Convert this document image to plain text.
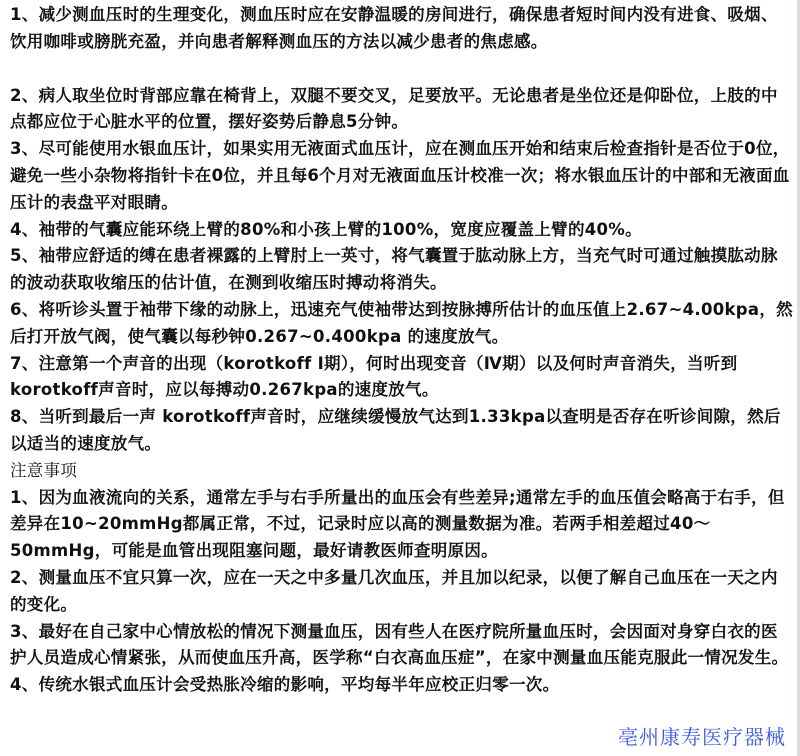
1、减少测血压时的生理变化，测血压时应在安静温暖的房间进行，确保患者短时间内没有进食、吸烟、饮用咖啡或膀胱充盈，并向患者解释测血压的方法以减少患者的焦虑感。

2、病人取坐位时背部应靠在椅背上，双腿不要交叉，足要放平。无论患者是坐位还是仰卧位，上肢的中点都应位于心脏水平的位置，摆好姿势后静息5分钟。

3、尽可能使用水银血压计，如果实用无液面式血压计，应在测血压开始和结束后检查指针是否位于0位，避免一些小杂物将指针卡在0位，并且每6个月对无液面血压计校准一次；将水银血压计的中部和无液面血压计的表盘平对眼睛。

4、袖带的气囊应能环绕上臂的80%和小孩上臂的100%，宽度应覆盖上臂的40%。

5、袖带应舒适的缚在患者裸露的上臂肘上一英寸，将气囊置于肱动脉上方，当充气时可通过触摸肱动脉的波动获取收缩压的估计值，在测到收缩压时搏动将消失。

6、将听诊头置于袖带下缘的动脉上，迅速充气使袖带达到按脉搏所估计的血压值上2.67~4.00kpa，然后打开放气阀，使气囊以每秒钟0.267~0.400kpa 的速度放气。

7、注意第一个声音的出现（korotkoff Ⅰ期），何时出现变音（Ⅳ期）以及何时声音消失，当听到korotkoff声音时，应以每搏动0.267kpa的速度放气。

8、当听到最后一声 korotkoff声音时，应继续缓慢放气达到1.33kpa以查明是否存在听诊间隙，然后以适当的速度放气。

注意事项

1、因为血液流向的关系，通常左手与右手所量出的血压会有些差异;通常左手的血压值会略高于右手，但差异在10~20mmHg都属正常，不过，记录时应以高的测量数据为准。若两手相差超过40～50mmHg，可能是血管出现阻塞问题，最好请教医师查明原因。

2、测量血压不宜只算一次，应在一天之中多量几次血压，并且加以纪录，以便了解自己血压在一天之内的变化。

3、最好在自己家中心情放松的情况下测量血压，因有些人在医疗院所量血压时，会因面对身穿白衣的医护人员造成心情紧张，从而使血压升高，医学称“白衣高血压症”，在家中测量血压能克服此一情况发生。

4、传统水银式血压计会受热胀冷缩的影响，平均每半年应校正归零一次。

亳州康寿医疗器械
